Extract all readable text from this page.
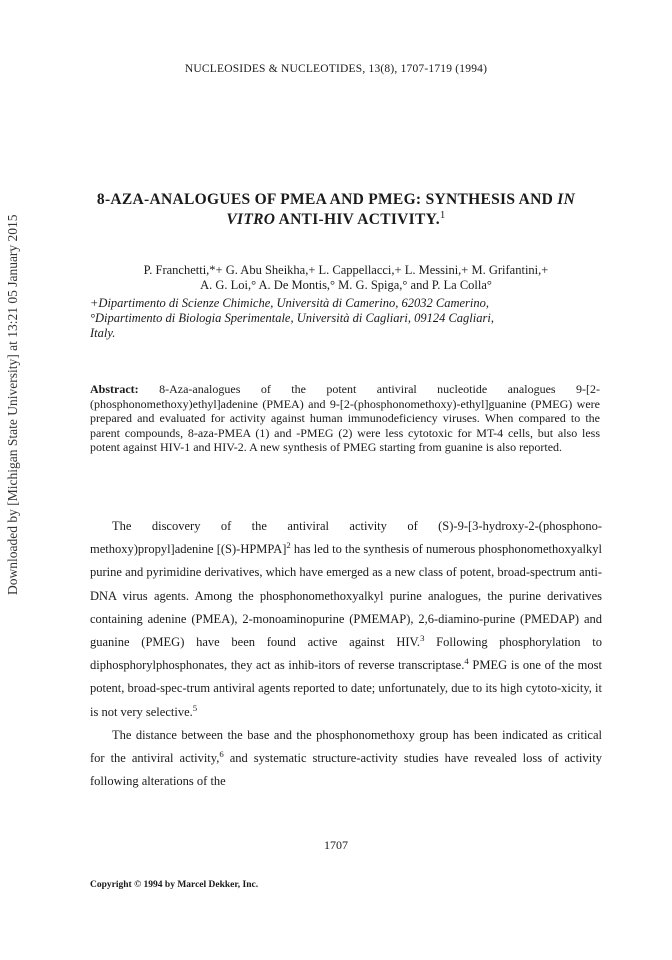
Downloaded by [Michigan State University] at 13:21 05 January 2015
NUCLEOSIDES & NUCLEOTIDES, 13(8), 1707-1719 (1994)
8-AZA-ANALOGUES OF PMEA AND PMEG: SYNTHESIS AND IN
VITRO ANTI-HIV ACTIVITY.$^1$
P. Franchetti,*+ G. Abu Sheikha,+ L. Cappellacci,+ L. Messini,+ M. Grifantini,+
A. G. Loi,° A. De Montis,° M. G. Spiga,° and P. La Colla°
+Dipartimento di Scienze Chimiche, Università di Camerino, 62032 Camerino,
°Dipartimento di Biologia Sperimentale, Università di Cagliari, 09124 Cagliari,
Italy.
Abstract: 8-Aza-analogues of the potent antiviral nucleotide analogues 9-[2-(phosphonomethoxy)ethyl]adenine (PMEA) and 9-[2-(phosphonomethoxy)-ethyl]guanine (PMEG) were prepared and evaluated for activity against human immunodeficiency viruses. When compared to the parent compounds, 8-aza-PMEA (1) and -PMEG (2) were less cytotoxic for MT-4 cells, but also less potent against HIV-1 and HIV-2. A new synthesis of PMEG starting from guanine is also reported.

The discovery of the antiviral activity of (S)-9-[3-hydroxy-2-(phosphono-methoxy)propyl]adenine [(S)-HPMPA]$^2$ has led to the synthesis of numerous phosphonomethoxyalkyl purine and pyrimidine derivatives, which have emerged as a new class of potent, broad-spectrum anti-DNA virus agents. Among the phosphonomethoxyalkyl purine analogues, the purine derivatives containing adenine (PMEA), 2-monoaminopurine (PMEMAP), 2,6-diamino-purine (PMEDAP) and guanine (PMEG) have been found active against HIV.$^3$ Following phosphorylation to diphosphorylphosphonates, they act as inhib-itors of reverse transcriptase.$^4$ PMEG is one of the most potent, broad-spec-trum antiviral agents reported to date; unfortunately, due to its high cytoto-xicity, it is not very selective.$^5$

The distance between the base and the phosphonomethoxy group has been indicated as critical for the antiviral activity,$^6$ and systematic structure-activity studies have revealed loss of activity following alterations of the

1707
Copyright © 1994 by Marcel Dekker, Inc.
